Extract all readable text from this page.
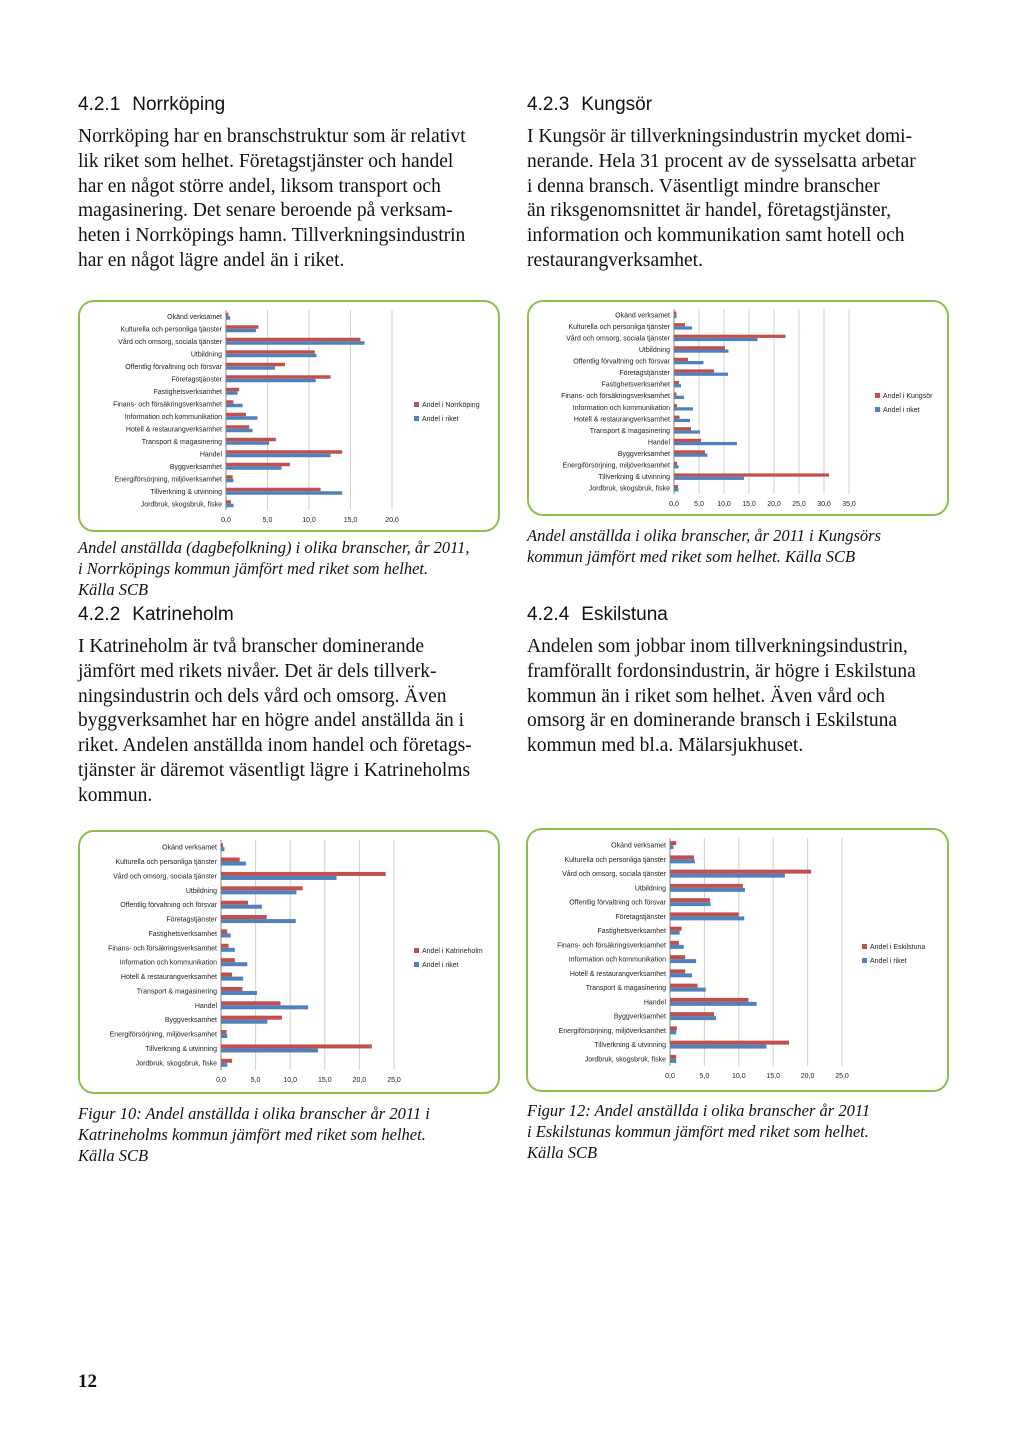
4.2.1 Norrköping
Norrköping har en branschstruktur som är relativt
lik riket som helhet. Företagstjänster och handel
har en något större andel, liksom transport och
magasinering. Det senare beroende på verksam-
heten i Norrköpings hamn. Tillverkningsindustrin
har en något lägre andel än i riket.
4.2.3 Kungsör
I Kungsör är tillverkningsindustrin mycket domi-
nerande. Hela 31 procent av de sysselsatta arbetar
i denna bransch. Väsentligt mindre branscher
än riksgenomsnittet är handel, företagstjänster,
information och kommunikation samt hotell och
restaurangverksamhet.
0,0	5,0	10,0	15,0	20,0
Okänd verksamet
Kulturella och personliga tjänster
Vård och omsorg, sociala tjänster
Utbildning
Offentlig förvaltning och försvar
Företagstjänster
Fastighetsverksamhet
Finans- och försäkringsverksamhet
Information och kommunikation
Hotell & restaurangverksamhet
Transport & magasinering
Handel
Byggverksamhet
Energiförsörjning, miljöverksamhet
Tillverkning & utvinning
Jordbruk, skogsbruk, fiske
Andel i Norrköping
Andel i riket
0,0 5,0 10,0 15,0 20,0 25,0 30,0 35,0
Okänd verksamet
Kulturella och personliga tjänster
Vård och omsorg, sociala tjänster
Utbildning
Offentlig förvaltning och försvar
Företagstjänster
Fastighetsverksamhet
Finans- och försäkringsverksamhet
Information och kommunikation
Hotell & restaurangverksamhet
Transport & magasinering
Handel
Byggverksamhet
Energiförsörjning, miljöverksamhet
Tillverkning & utvinning
Jordbruk, skogsbruk, fiske
Andel i Kungsör
Andel i riket
Andel anställda (dagbefolkning) i olika branscher, år 2011,
i Norrköpings kommun jämfört med riket som helhet.
Källa SCB
Andel anställda i olika branscher, år 2011 i Kungsörs
kommun jämfört med riket som helhet. Källa SCB
4.2.2 Katrineholm
I Katrineholm är två branscher dominerande
jämfört med rikets nivåer. Det är dels tillverk-
ningsindustrin och dels vård och omsorg. Även
byggverksamhet har en högre andel anställda än i
riket. Andelen anställda inom handel och företags-
tjänster är däremot väsentligt lägre i Katrineholms
kommun.
4.2.4 Eskilstuna
Andelen som jobbar inom tillverkningsindustrin,
framförallt fordonsindustrin, är högre i Eskilstuna
kommun än i riket som helhet. Även vård och
omsorg är en dominerande bransch i Eskilstuna
kommun med bl.a. Mälarsjukhuset.
0,0	5,0	10,0	15,0	20,0	25,0
Okänd verksamet
Kulturella och personliga tjänster
Vård och omsorg, sociala tjänster
Utbildning
Offentlig förvaltning och försvar
Företagstjänster
Fastighetsverksamhet
Finans- och försäkringsverksamhet
Information och kommunikation
Hotell & restaurangverksamhet
Transport & magasinering
Handel
Byggverksamhet
Energiförsörjning, miljöverksamhet
Tillverkning & utvinning
Jordbruk, skogsbruk, fiske
Andel i Katrineholm
Andel i riket
0,0	5,0	10,0	15,0	20,0	25,0
Okänd verksamet
Kulturella och personliga tjänster
Vård och omsorg, sociala tjänster
Utbildning
Offentlig förvaltning och försvar
Företagstjänster
Fastighetsverksamhet
Finans- och försäkringsverksamhet
Information och kommunikation
Hotell & restaurangverksamhet
Transport & magasinering
Handel
Byggverksamhet
Energiförsörjning, miljöverksamhet
Tillverkning & utvinning
Jordbruk, skogsbruk, fiske
Andel i Eskilstuna
Andel i riket
Figur 10: Andel anställda i olika branscher år 2011 i
Katrineholms kommun jämfört med riket som helhet.
Källa SCB
Figur 12: Andel anställda i olika branscher år 2011
i Eskilstunas kommun jämfört med riket som helhet.
Källa SCB
12
